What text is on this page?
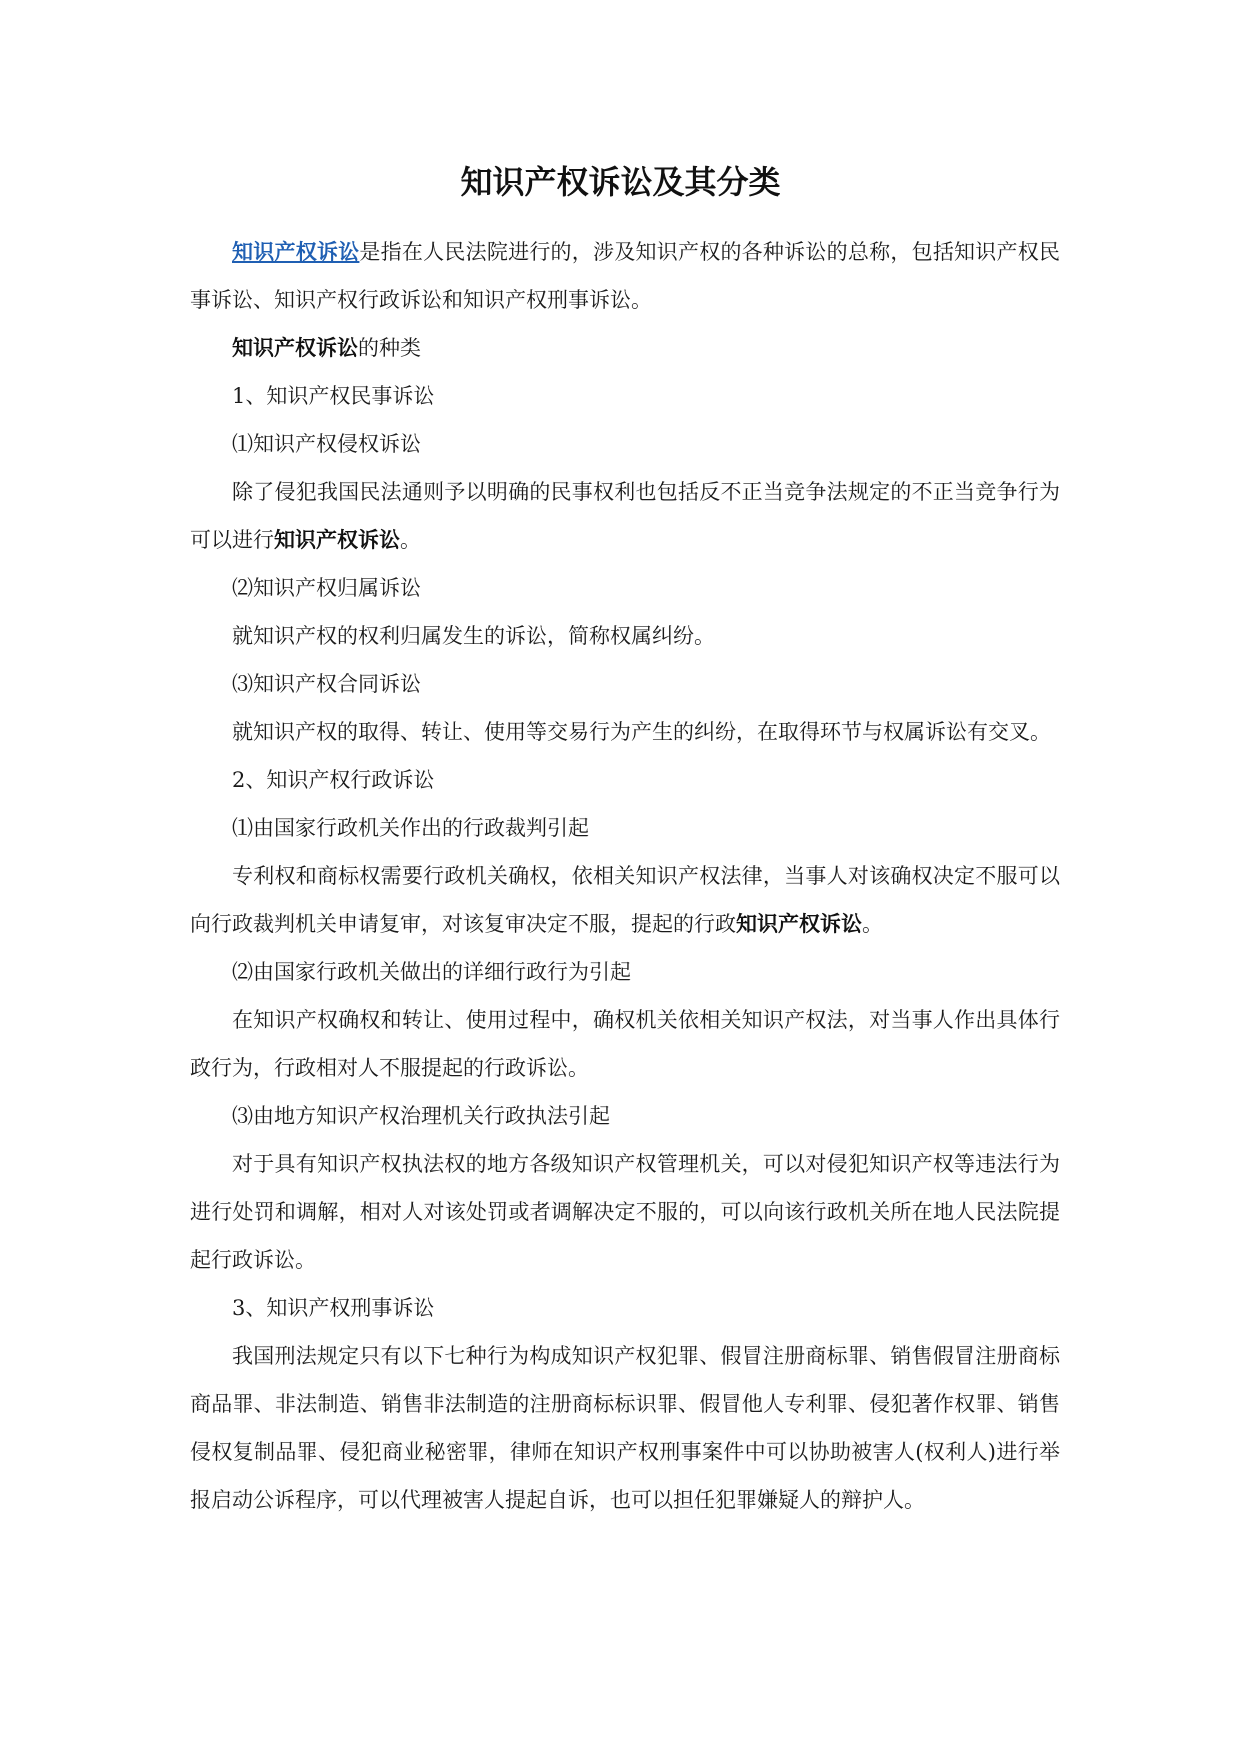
知识产权诉讼及其分类

知识产权诉讼是指在人民法院进行的，涉及知识产权的各种诉讼的总称，包括知识产权民事诉讼、知识产权行政诉讼和知识产权刑事诉讼。

知识产权诉讼的种类

1、知识产权民事诉讼

⑴知识产权侵权诉讼

除了侵犯我国民法通则予以明确的民事权利也包括反不正当竞争法规定的不正当竞争行为可以进行知识产权诉讼。

⑵知识产权归属诉讼

就知识产权的权利归属发生的诉讼，简称权属纠纷。

⑶知识产权合同诉讼

就知识产权的取得、转让、使用等交易行为产生的纠纷，在取得环节与权属诉讼有交叉。

2、知识产权行政诉讼

⑴由国家行政机关作出的行政裁判引起

专利权和商标权需要行政机关确权，依相关知识产权法律，当事人对该确权决定不服可以向行政裁判机关申请复审，对该复审决定不服，提起的行政知识产权诉讼。

⑵由国家行政机关做出的详细行政行为引起

在知识产权确权和转让、使用过程中，确权机关依相关知识产权法，对当事人作出具体行政行为，行政相对人不服提起的行政诉讼。

⑶由地方知识产权治理机关行政执法引起

对于具有知识产权执法权的地方各级知识产权管理机关，可以对侵犯知识产权等违法行为进行处罚和调解，相对人对该处罚或者调解决定不服的，可以向该行政机关所在地人民法院提起行政诉讼。

3、知识产权刑事诉讼

我国刑法规定只有以下七种行为构成知识产权犯罪、假冒注册商标罪、销售假冒注册商标商品罪、非法制造、销售非法制造的注册商标标识罪、假冒他人专利罪、侵犯著作权罪、销售侵权复制品罪、侵犯商业秘密罪，律师在知识产权刑事案件中可以协助被害人(权利人)进行举报启动公诉程序，可以代理被害人提起自诉，也可以担任犯罪嫌疑人的辩护人。
